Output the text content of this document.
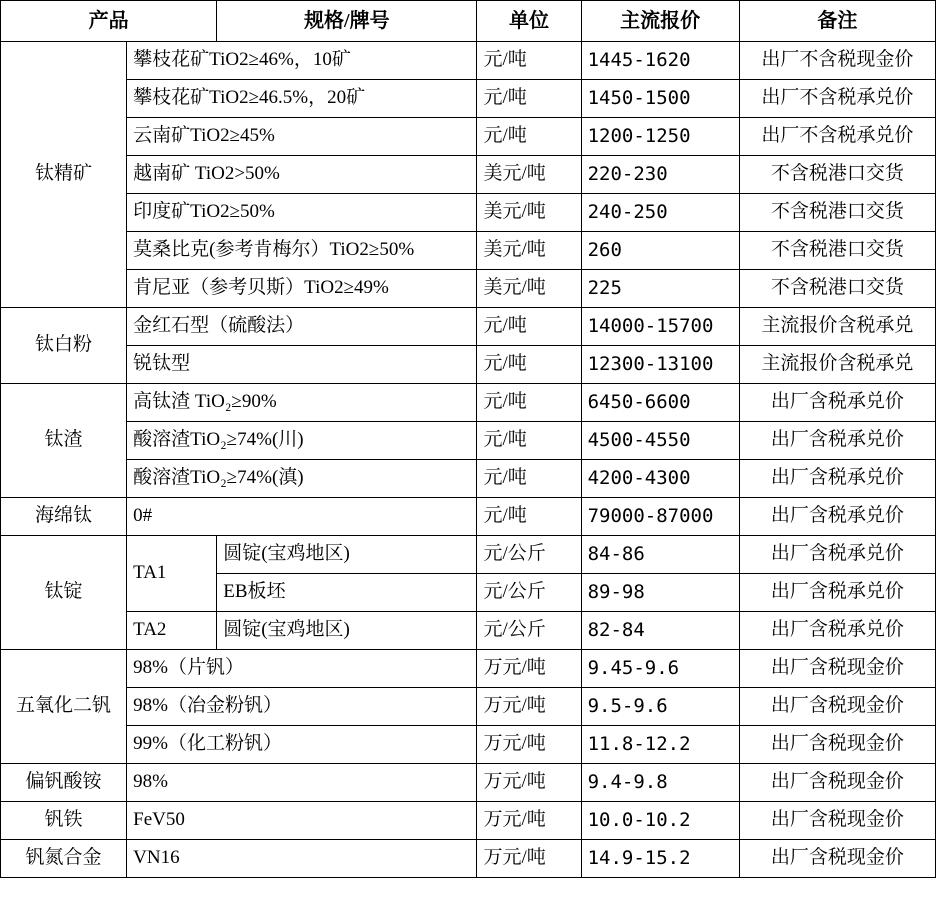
产品		规格/牌号	单位	主流报价	备注
钛精矿	攀枝花矿TiO2≥46%，10矿		元/吨	1445-1620	出厂不含税现金价
	攀枝花矿TiO2≥46.5%，20矿		元/吨	1450-1500	出厂不含税承兑价
	云南矿TiO2≥45%		元/吨	1200-1250	出厂不含税承兑价
	越南矿 TiO2>50%		美元/吨	220-230	不含税港口交货
	印度矿TiO2≥50%		美元/吨	240-250	不含税港口交货
	莫桑比克(参考肯梅尔）TiO2≥50%		美元/吨	260	不含税港口交货
	肯尼亚（参考贝斯）TiO2≥49%		美元/吨	225	不含税港口交货
钛白粉	金红石型（硫酸法）		元/吨	14000-15700	主流报价含税承兑
	锐钛型		元/吨	12300-13100	主流报价含税承兑
钛渣	高钛渣 TiO₂≥90%		元/吨	6450-6600	出厂含税承兑价
	酸溶渣TiO₂≥74%(川)		元/吨	4500-4550	出厂含税承兑价
	酸溶渣TiO₂≥74%(滇)		元/吨	4200-4300	出厂含税承兑价
海绵钛	0#		元/吨	79000-87000	出厂含税承兑价
钛锭	TA1	圆锭(宝鸡地区)	元/公斤	84-86	出厂含税承兑价
		EB板坯	元/公斤	89-98	出厂含税承兑价
	TA2	圆锭(宝鸡地区)	元/公斤	82-84	出厂含税承兑价
五氧化二钒	98%（片钒）		万元/吨	9.45-9.6	出厂含税现金价
	98%（冶金粉钒）		万元/吨	9.5-9.6	出厂含税现金价
	99%（化工粉钒）		万元/吨	11.8-12.2	出厂含税现金价
偏钒酸铵	98%		万元/吨	9.4-9.8	出厂含税现金价
钒铁	FeV50		万元/吨	10.0-10.2	出厂含税现金价
钒氮合金	VN16		万元/吨	14.9-15.2	出厂含税现金价
